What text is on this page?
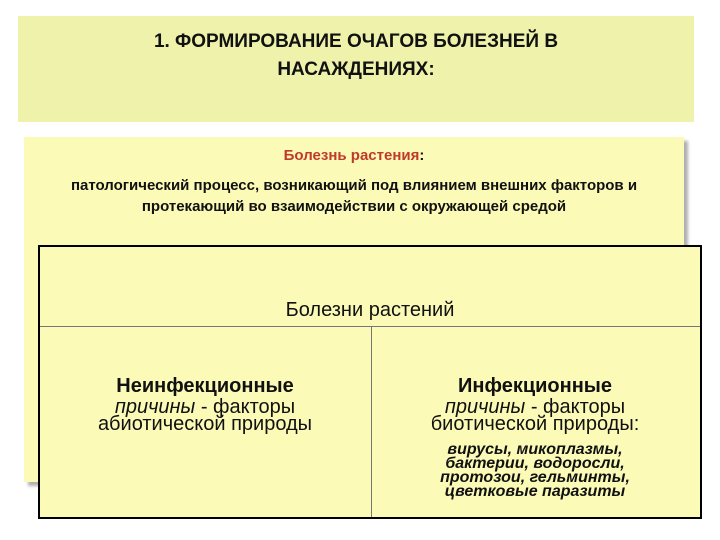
1. ФОРМИРОВАНИЕ ОЧАГОВ БОЛЕЗНЕЙ В
НАСАЖДЕНИЯХ:
Болезнь растения:
патологический процесс, возникающий под влиянием внешних факторов и протекающий во взаимодействии с окружающей средой
Болезни растений
Неинфекционные
причины - факторы абиотической природы
Инфекционные
причины - факторы биотической природы:
вирусы, микоплазмы,
бактерии, водоросли,
протозои, гельминты,
цветковые паразиты
